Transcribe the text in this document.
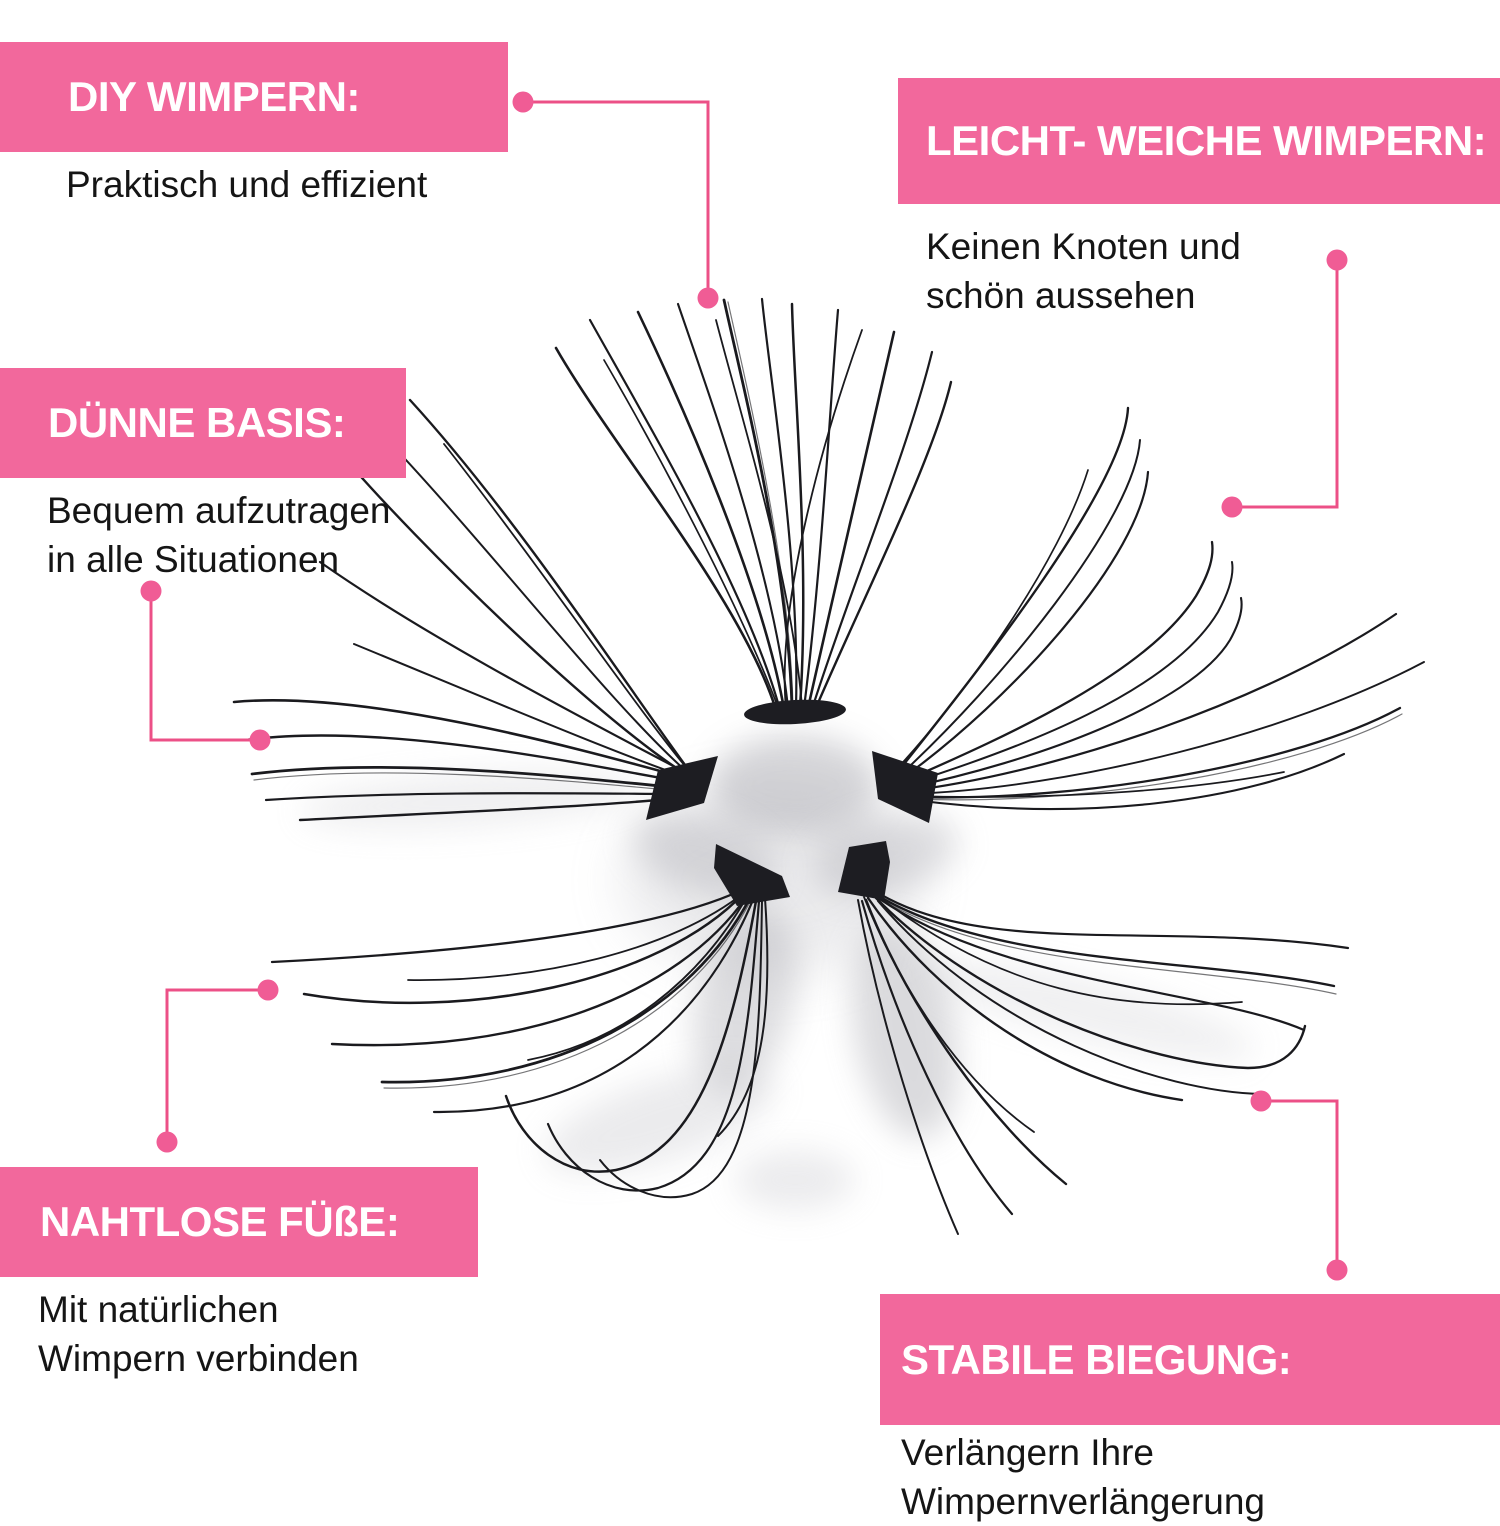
DIY WIMPERN:
Praktisch und effizient
LEICHT- WEICHE WIMPERN:
Keinen Knoten und
schön aussehen
DÜNNE BASIS:
Bequem aufzutragen
in alle Situationen
NAHTLOSE FÜßE:
Mit natürlichen
Wimpern verbinden	STABILE BIEGUNG:
Verlängern Ihre
Wimpernverlängerung
